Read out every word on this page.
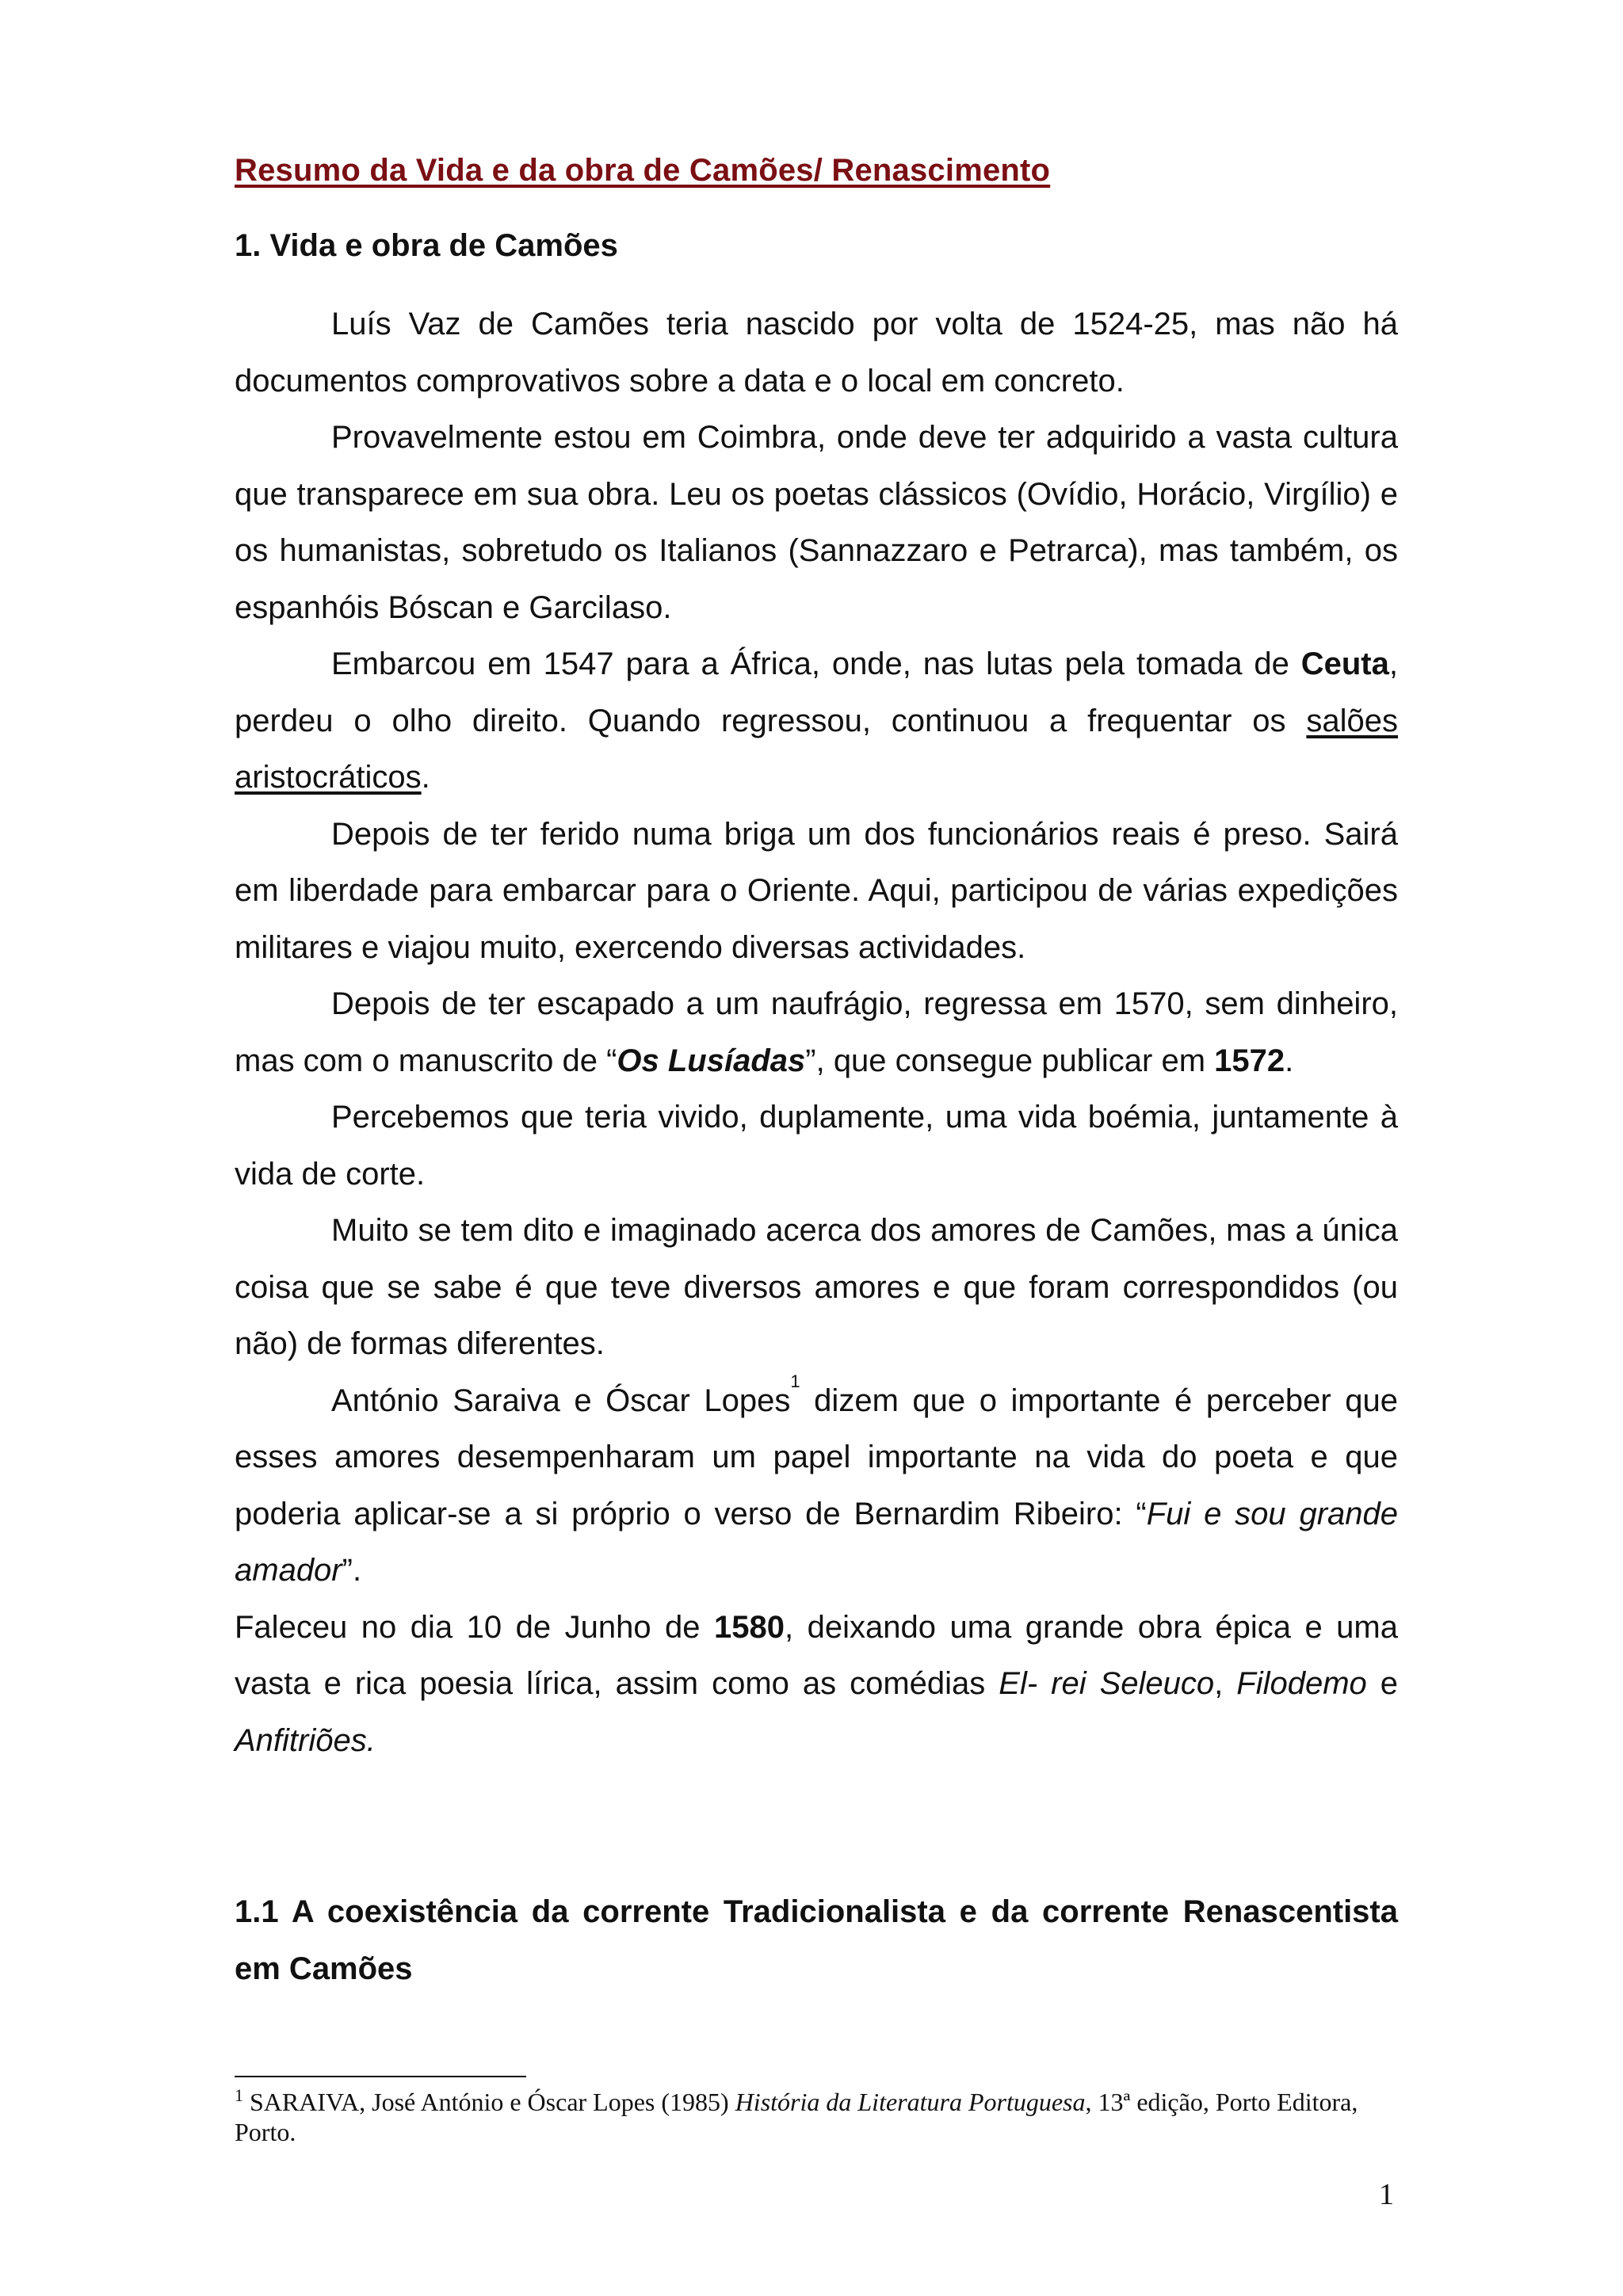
Resumo da Vida e da obra de Camões/ Renascimento
1. Vida e obra de Camões

Luís Vaz de Camões teria nascido por volta de 1524-25, mas não há documentos comprovativos sobre a data e o local em concreto.

Provavelmente estou em Coimbra, onde deve ter adquirido a vasta cultura que transparece em sua obra. Leu os poetas clássicos (Ovídio, Horácio, Virgílio) e os humanistas, sobretudo os Italianos (Sannazzaro e Petrarca), mas também, os espanhóis Bóscan e Garcilaso.

Embarcou em 1547 para a África, onde, nas lutas pela tomada de Ceuta, perdeu o olho direito. Quando regressou, continuou a frequentar os salões aristocráticos.

Depois de ter ferido numa briga um dos funcionários reais é preso. Sairá em liberdade para embarcar para o Oriente. Aqui, participou de várias expedições militares e viajou muito, exercendo diversas actividades.

Depois de ter escapado a um naufrágio, regressa em 1570, sem dinheiro, mas com o manuscrito de “Os Lusíadas”, que consegue publicar em 1572.

Percebemos que teria vivido, duplamente, uma vida boémia, juntamente à vida de corte.

Muito se tem dito e imaginado acerca dos amores de Camões, mas a única coisa que se sabe é que teve diversos amores e que foram correspondidos (ou não) de formas diferentes.

António Saraiva e Óscar Lopes$^1$ dizem que o importante é perceber que esses amores desempenharam um papel importante na vida do poeta e que poderia aplicar-se a si próprio o verso de Bernardim Ribeiro: “Fui e sou grande amador”.

Faleceu no dia 10 de Junho de 1580, deixando uma grande obra épica e uma vasta e rica poesia lírica, assim como as comédias El- rei Seleuco, Filodemo e Anfitriões.

1.1 A coexistência da corrente Tradicionalista e da corrente Renascentista em Camões

$^1$ SARAIVA, José António e Óscar Lopes (1985) História da Literatura Portuguesa, 13ª edição, Porto Editora, Porto.

1
